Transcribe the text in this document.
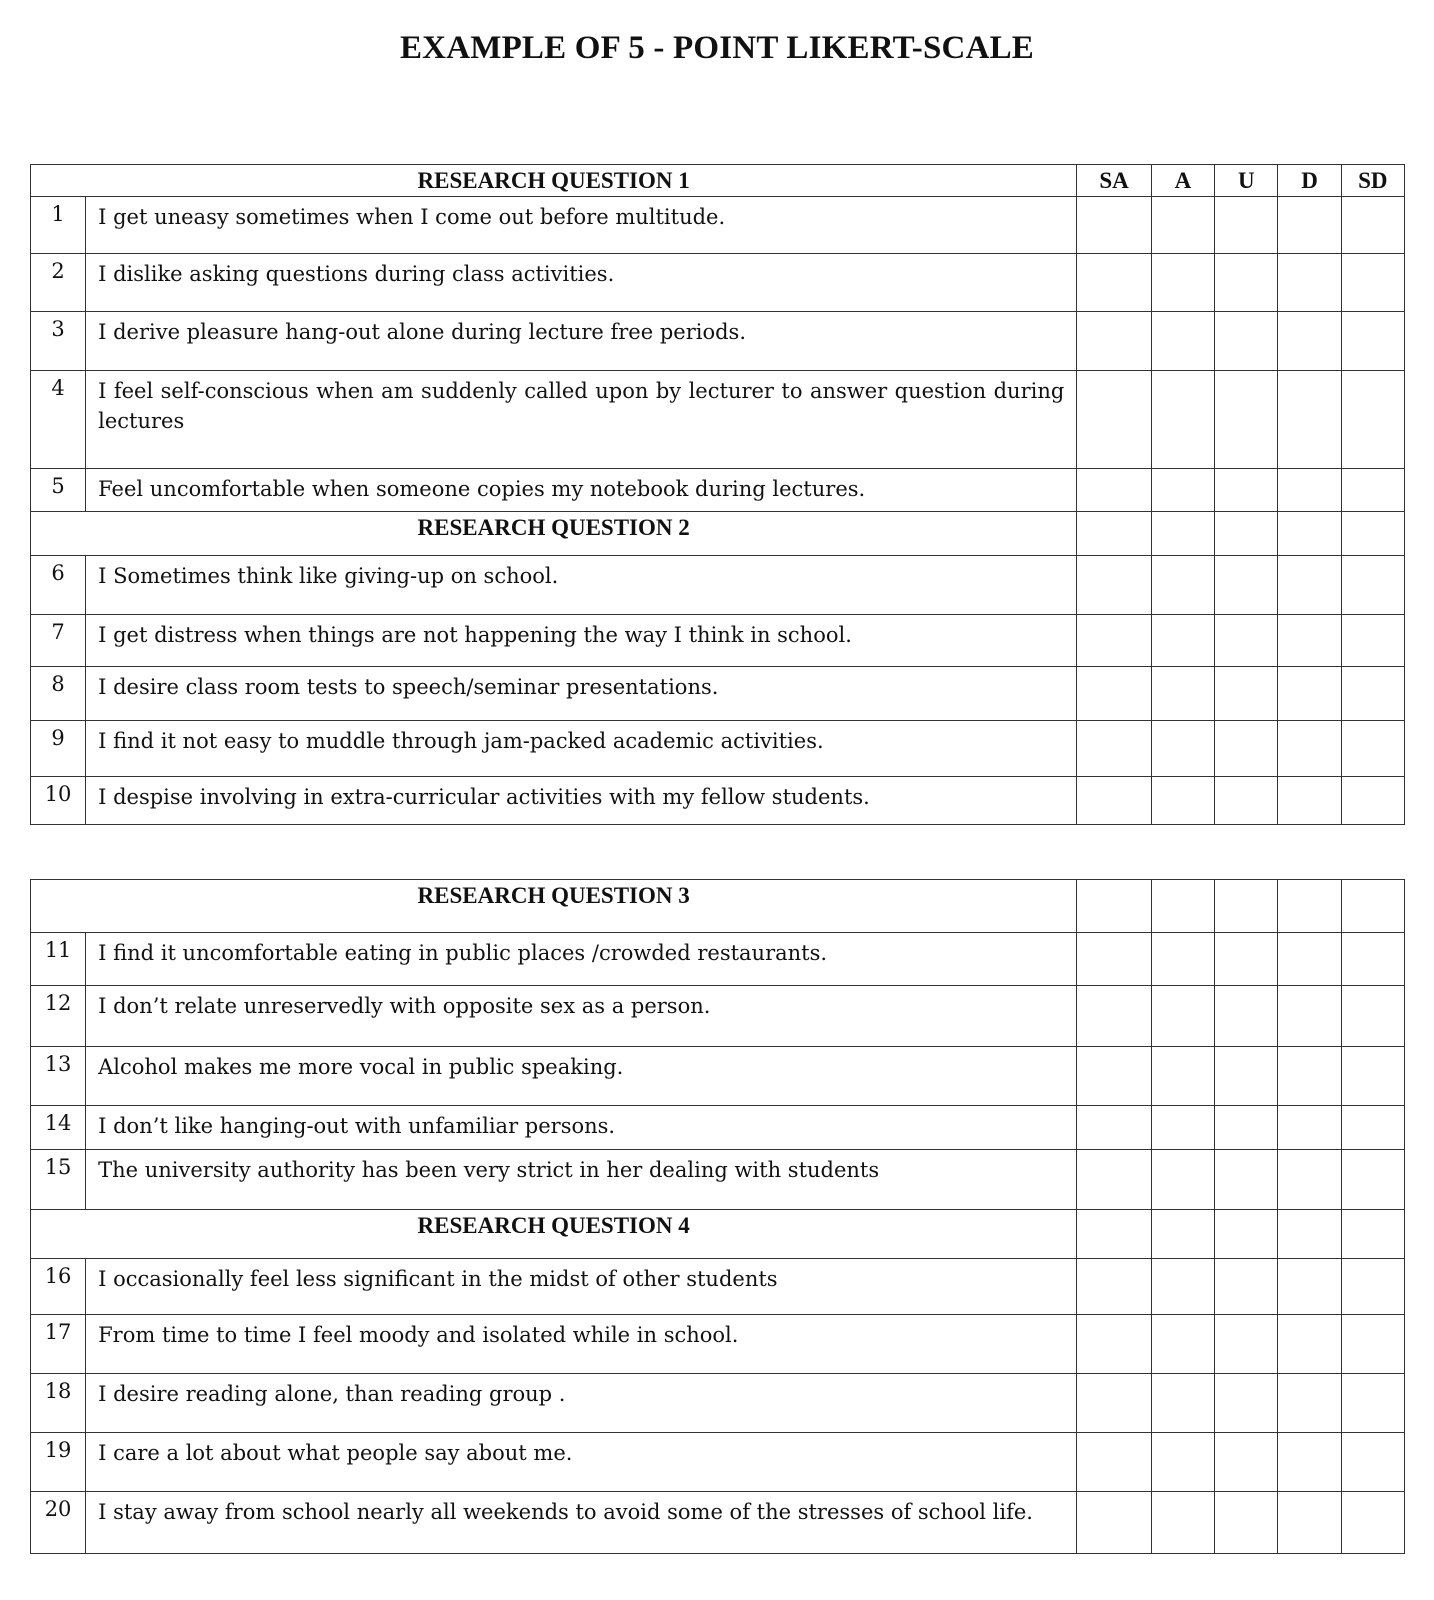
EXAMPLE OF 5 - POINT LIKERT-SCALE
RESEARCH QUESTION 1		SA	A	U	D	SD
1	I get uneasy sometimes when I come out before multitude.					
2	I dislike asking questions during class activities.					
3	I derive pleasure hang-out alone during lecture free periods.					
4	I feel self-conscious when am suddenly called upon by lecturer to answer question during lectures					
5	Feel uncomfortable when someone copies my notebook during lectures.					
RESEARCH QUESTION 2						
6	I Sometimes think like giving-up on school.					
7	I get distress when things are not happening the way I think in school.					
8	I desire class room tests to speech/seminar presentations.					
9	I find it not easy to muddle through jam-packed academic activities.					
10	I despise involving in extra-curricular activities with my fellow students.					
RESEARCH QUESTION 3						
11	I find it uncomfortable eating in public places /crowded restaurants.					
12	I don’t relate unreservedly with opposite sex as a person.					
13	Alcohol makes me more vocal in public speaking.					
14	I don’t like hanging-out with unfamiliar persons.					
15	The university authority has been very strict in her dealing with students					
RESEARCH QUESTION 4						
16	I occasionally feel less significant in the midst of other students					
17	From time to time I feel moody and isolated while in school.					
18	I desire reading alone, than reading group .					
19	I care a lot about what people say about me.					
20	I stay away from school nearly all weekends to avoid some of the stresses of school life.					
